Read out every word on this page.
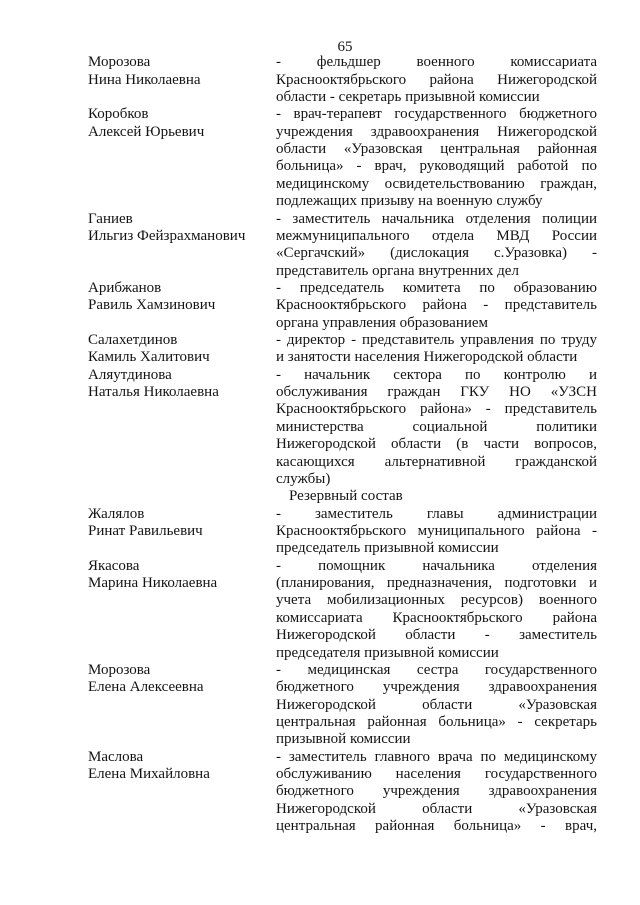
65
Морозова
Нина Николаевна
- фельдшер военного комиссариата
Краснооктябрьского района Нижегородской
области - секретарь призывной комиссии
Коробков
Алексей Юрьевич
- врач-терапевт государственного бюджетного
учреждения здравоохранения Нижегородской
области «Уразовская центральная районная
больница» - врач, руководящий работой по
медицинскому освидетельствованию граждан,
подлежащих призыву на военную службу
Ганиев
Ильгиз Фейзрахманович
- заместитель начальника отделения полиции
межмуниципального отдела МВД России
«Сергачский» (дислокация с.Уразовка) -
представитель органа внутренних дел
Арибжанов
Равиль Хамзинович
- председатель комитета по образованию
Краснооктябрьского района - представитель
органа управления образованием
Салахетдинов
Камиль Халитович
- директор - представитель управления по труду
и занятости населения Нижегородской области
Аляутдинова
Наталья Николаевна
- начальник сектора по контролю и
обслуживания граждан ГКУ НО «УЗСН
Краснооктябрьского района» - представитель
министерства социальной политики
Нижегородской области (в части вопросов,
касающихся альтернативной гражданской
службы)
Резервный состав
Жалялов
Ринат Равильевич
- заместитель главы администрации
Краснооктябрьского муниципального района -
председатель призывной комиссии
Якасова
Марина Николаевна
- помощник начальника отделения
(планирования, предназначения, подготовки и
учета мобилизационных ресурсов) военного
комиссариата Краснооктябрьского района
Нижегородской области - заместитель
председателя призывной комиссии
Морозова
Елена Алексеевна
- медицинская сестра государственного
бюджетного учреждения здравоохранения
Нижегородской области «Уразовская
центральная районная больница» - секретарь
призывной комиссии
Маслова
Елена Михайловна
- заместитель главного врача по медицинскому
обслуживанию населения государственного
бюджетного учреждения здравоохранения
Нижегородской области «Уразовская
центральная районная больница» - врач,
